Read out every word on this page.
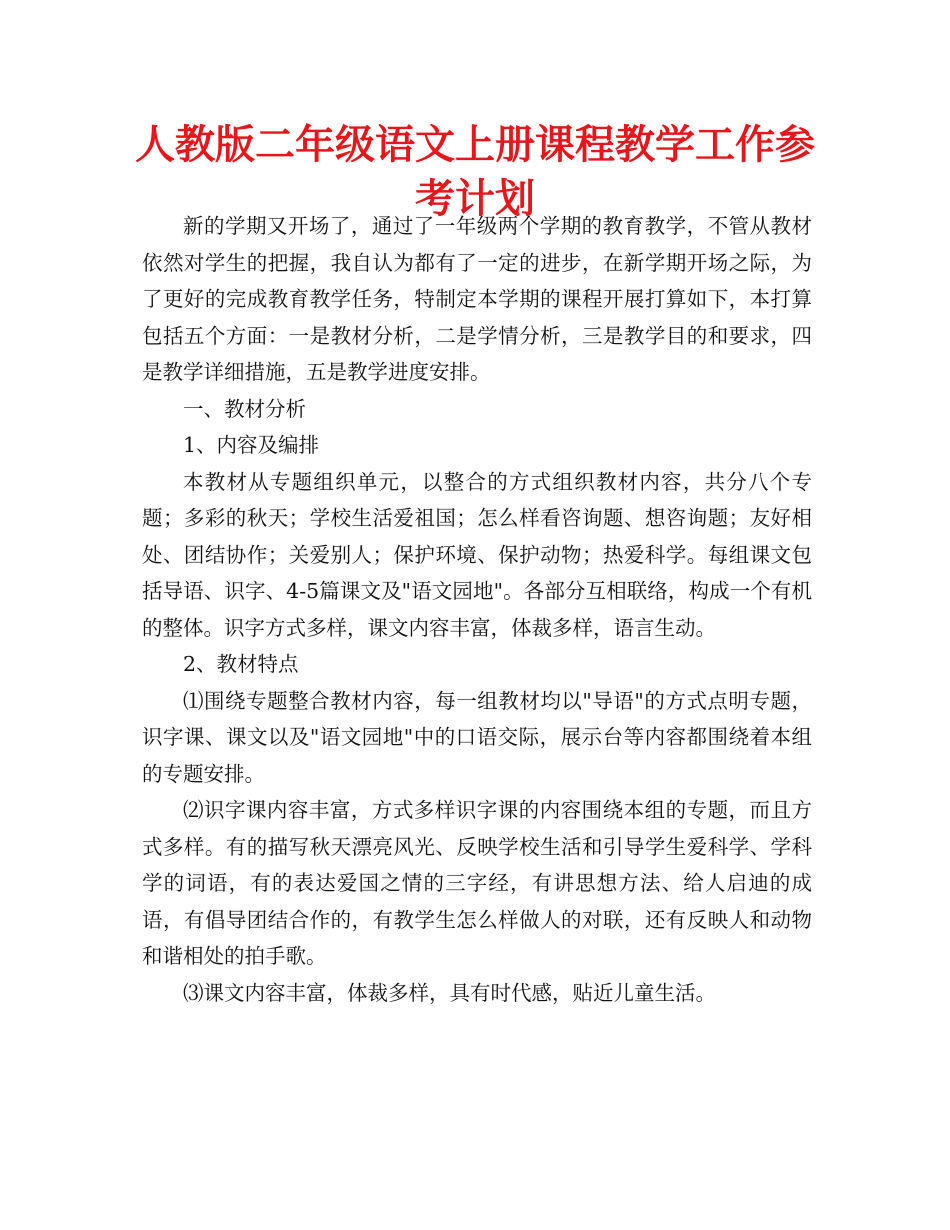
人教版二年级语文上册课程教学工作参考计划

新的学期又开场了，通过了一年级两个学期的教育教学，不管从教材依然对学生的把握，我自认为都有了一定的进步，在新学期开场之际，为了更好的完成教育教学任务，特制定本学期的课程开展打算如下，本打算包括五个方面：一是教材分析，二是学情分析，三是教学目的和要求，四是教学详细措施，五是教学进度安排。

一、教材分析

1、内容及编排

本教材从专题组织单元，以整合的方式组织教材内容，共分八个专题；多彩的秋天；学校生活爱祖国；怎么样看咨询题、想咨询题；友好相处、团结协作；关爱别人；保护环境、保护动物；热爱科学。每组课文包括导语、识字、4-5篇课文及"语文园地"。各部分互相联络，构成一个有机的整体。识字方式多样，课文内容丰富，体裁多样，语言生动。

2、教材特点

⑴围绕专题整合教材内容，每一组教材均以"导语"的方式点明专题，识字课、课文以及"语文园地"中的口语交际，展示台等内容都围绕着本组的专题安排。

⑵识字课内容丰富，方式多样识字课的内容围绕本组的专题，而且方式多样。有的描写秋天漂亮风光、反映学校生活和引导学生爱科学、学科学的词语，有的表达爱国之情的三字经，有讲思想方法、给人启迪的成语，有倡导团结合作的，有教学生怎么样做人的对联，还有反映人和动物和谐相处的拍手歌。

⑶课文内容丰富，体裁多样，具有时代感，贴近儿童生活。
